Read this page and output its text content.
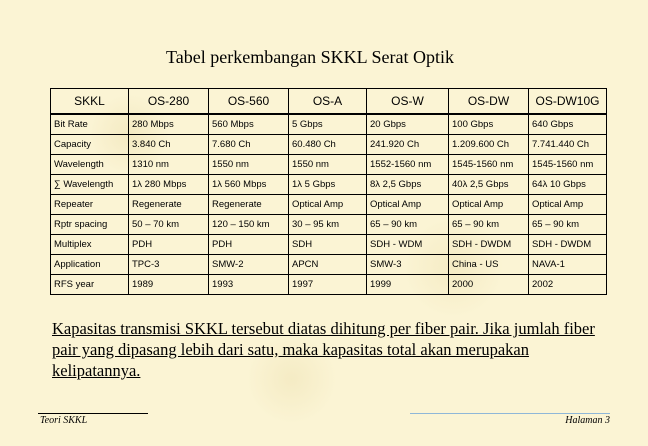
Tabel perkembangan SKKL Serat Optik
SKKL	OS-280	OS-560	OS-A	OS-W	OS-DW	OS-DW10G
Bit Rate	280 Mbps	560 Mbps	5 Gbps	20 Gbps	100 Gbps	640 Gbps
Capacity	3.840 Ch	7.680 Ch	60.480 Ch	241.920 Ch	1.209.600 Ch	7.741.440 Ch
Wavelength	1310 nm	1550 nm	1550 nm	1552-1560 nm	1545-1560 nm	1545-1560 nm
∑ Wavelength	1λ 280 Mbps	1λ 560 Mbps	1λ 5 Gbps	8λ 2,5 Gbps	40λ 2,5 Gbps	64λ 10 Gbps
Repeater	Regenerate	Regenerate	Optical Amp	Optical Amp	Optical Amp	Optical Amp
Rptr spacing	50 – 70 km	120 – 150 km	30 – 95 km	65 – 90 km	65 – 90 km	65 – 90 km
Multiplex	PDH	PDH	SDH	SDH - WDM	SDH - DWDM	SDH - DWDM
Application	TPC-3	SMW-2	APCN	SMW-3	China - US	NAVA-1
RFS year	1989	1993	1997	1999	2000	2002
Kapasitas transmisi SKKL tersebut diatas dihitung per fiber pair. Jika jumlah fiber pair yang dipasang lebih dari satu, maka kapasitas total akan merupakan kelipatannya.
Teori SKKL	Halaman 3
